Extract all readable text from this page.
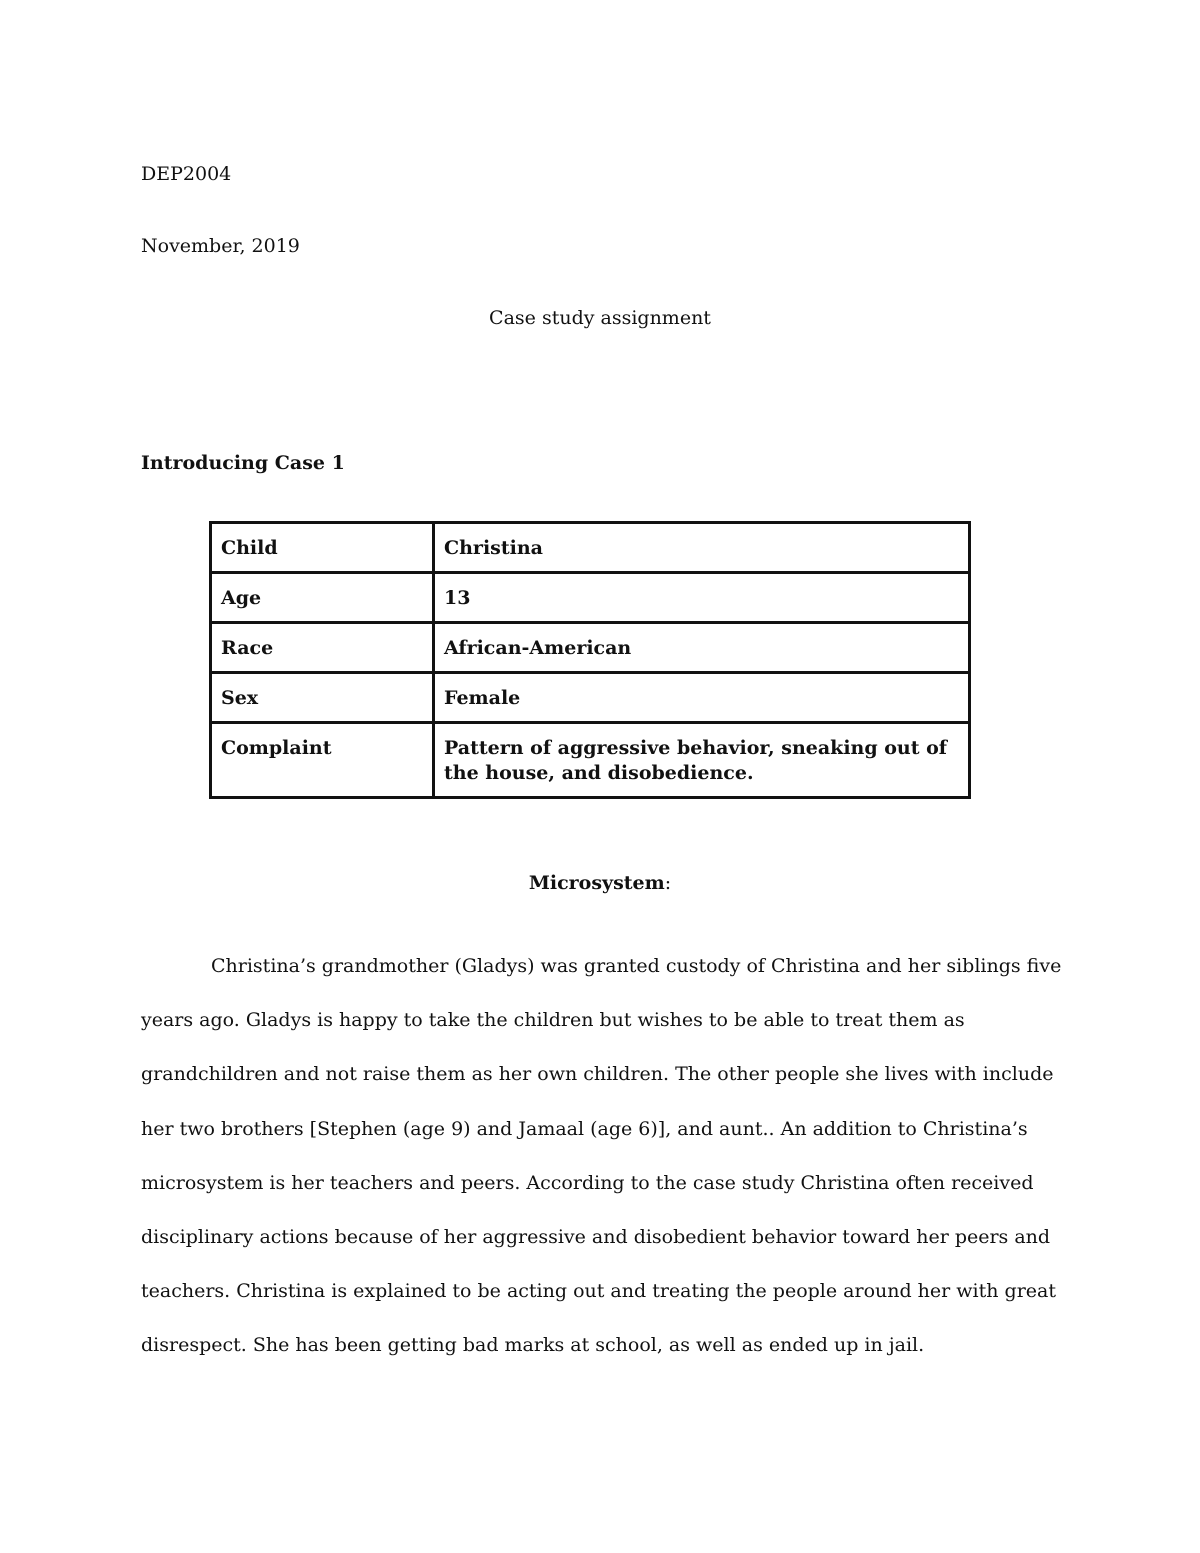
DEP2004
November, 2019
Case study assignment
Introducing Case 1
Child	Christina
Age	13
Race	African-American
Sex	Female
Complaint	Pattern of aggressive behavior, sneaking out of the house, and disobedience.
Microsystem:
Christina’s grandmother (Gladys) was granted custody of Christina and her siblings five years ago. Gladys is happy to take the children but wishes to be able to treat them as grandchildren and not raise them as her own children. The other people she lives with include her two brothers [Stephen (age 9) and Jamaal (age 6)], and aunt.. An addition to Christina’s microsystem is her teachers and peers. According to the case study Christina often received disciplinary actions because of her aggressive and disobedient behavior toward her peers and teachers. Christina is explained to be acting out and treating the people around her with great disrespect. She has been getting bad marks at school, as well as ended up in jail.
